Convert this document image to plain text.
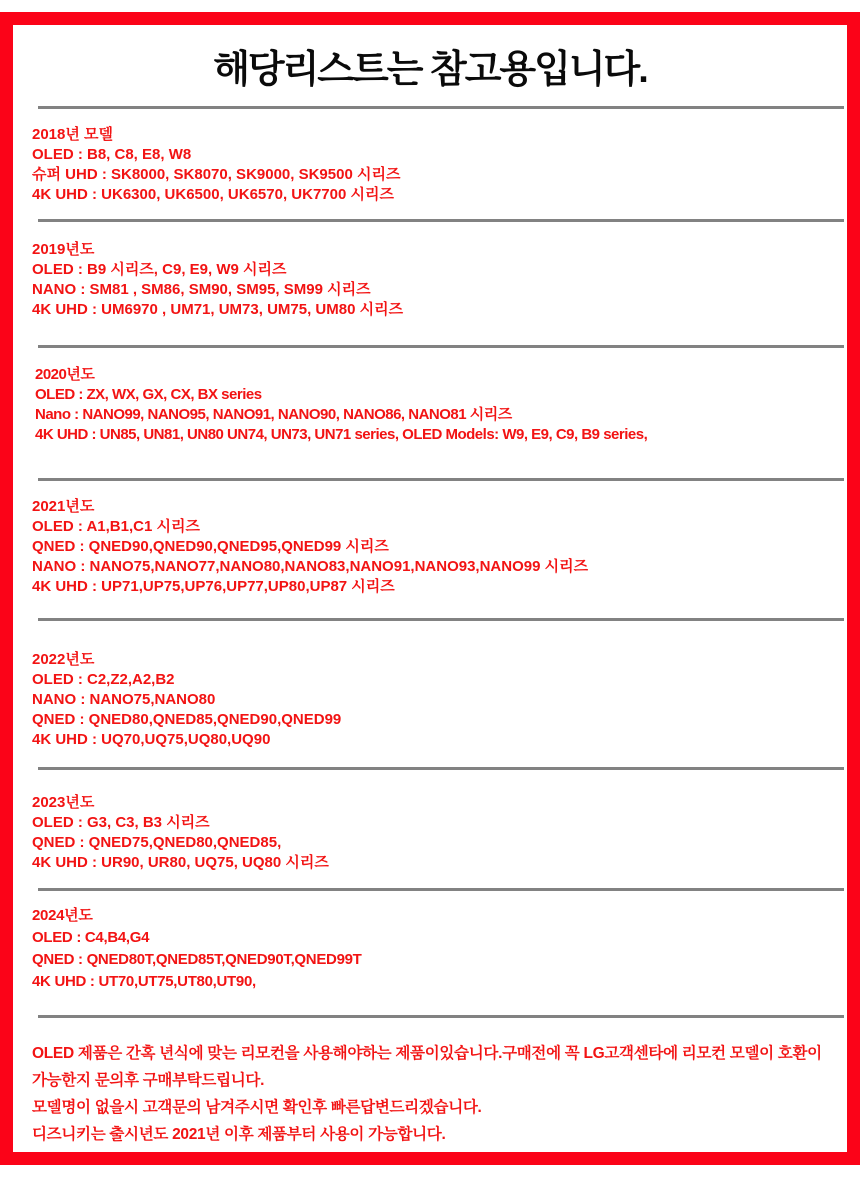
해당리스트는 참고용입니다.
2018년 모델
OLED : B8, C8, E8, W8
슈퍼 UHD : SK8000, SK8070, SK9000, SK9500 시리즈
4K UHD : UK6300, UK6500, UK6570, UK7700 시리즈
2019년도
OLED : B9 시리즈, C9, E9, W9 시리즈
NANO : SM81 , SM86, SM90, SM95, SM99 시리즈
4K UHD : UM6970 , UM71, UM73, UM75, UM80 시리즈
2020년도
OLED : ZX, WX, GX, CX, BX series
Nano : NANO99, NANO95, NANO91, NANO90, NANO86, NANO81 시리즈
4K UHD : UN85, UN81, UN80 UN74, UN73, UN71 series, OLED Models: W9, E9, C9, B9 series,
2021년도
OLED : A1,B1,C1 시리즈
QNED : QNED90,QNED90,QNED95,QNED99 시리즈
NANO : NANO75,NANO77,NANO80,NANO83,NANO91,NANO93,NANO99 시리즈
4K UHD : UP71,UP75,UP76,UP77,UP80,UP87 시리즈
2022년도
OLED : C2,Z2,A2,B2
NANO : NANO75,NANO80
QNED : QNED80,QNED85,QNED90,QNED99
4K UHD : UQ70,UQ75,UQ80,UQ90
2023년도
OLED : G3, C3, B3 시리즈
QNED : QNED75,QNED80,QNED85,
4K UHD : UR90, UR80, UQ75, UQ80 시리즈
2024년도
OLED : C4,B4,G4
QNED : QNED80T,QNED85T,QNED90T,QNED99T
4K UHD : UT70,UT75,UT80,UT90,

OLED 제품은 간혹 년식에 맞는 리모컨을 사용해야하는 제품이있습니다.구매전에 꼭 LG고객센타에 리모컨 모델이 호환이

가능한지 문의후 구매부탁드립니다.

모델명이 없을시 고객문의 남겨주시면 확인후 빠른답변드리겠습니다.

디즈니키는 출시년도 2021년 이후 제품부터 사용이 가능합니다.
